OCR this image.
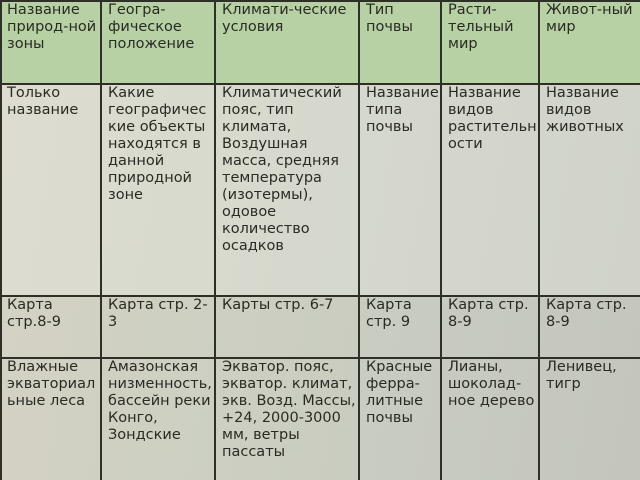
Название природ-ной зоны	Геогра-фическое положение	Климати-ческие условия	Тип почвы	Расти-тельный мир	Живот-ный мир

Только название	Какие географические объекты находятся в данной природной зоне	Климатический пояс, тип климата, Воздушная масса, средняя температура (изотермы), одовое количество осадков	Название типа почвы	Название видов растительности	Название видов животных

Карта стр.8-9	Карта стр. 2-3	Карты стр. 6-7	Карта стр. 9	Карта стр. 8-9	Карта стр. 8-9

Влажные экваториальные леса	Амазонская низменность, бассейн реки Конго, Зондские	Экватор. пояс, экватор. климат, экв. Возд. Массы, +24, 2000-3000 мм, ветры пассаты	Красные ферра-литные почвы	Лианы, шоколад-ное дерево	Ленивец, тигр
